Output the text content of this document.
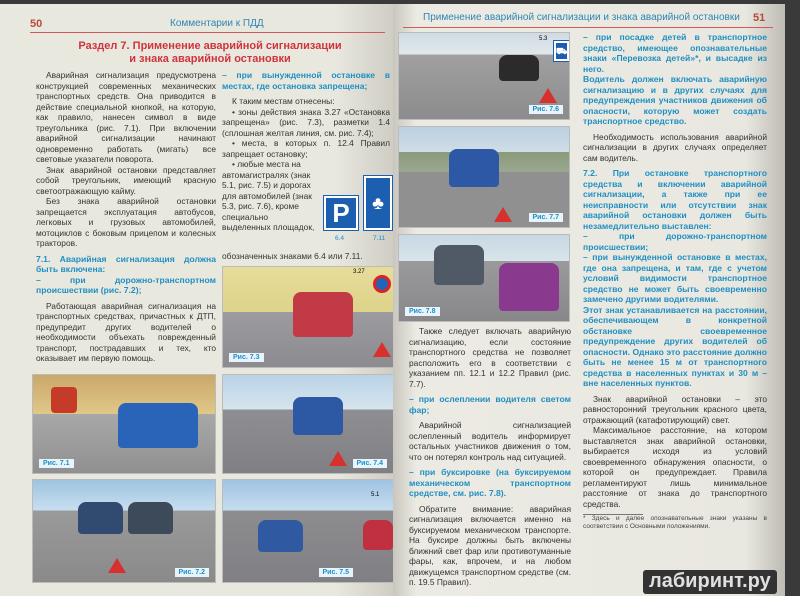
50	Комментарии к ПДД
Раздел 7. Применение аварийной сигнализации
и знака аварийной остановки

Аварийная сигнализация предусмотрена конструкцией современных механических транспортных средств. Она приводится в действие специальной кнопкой, на которую, как правило, нанесен символ в виде треугольника (рис. 7.1). При включении аварийной сигнализации начинают одновременно работать (мигать) все световые указатели поворота.

Знак аварийной остановки представляет собой треугольник, имеющий красную светоотражающую кайму.

Без знака аварийной остановки запрещается эксплуатация автобусов, легковых и грузовых автомобилей, мотоциклов с боковым прицепом и колесных тракторов.

7.1. Аварийная сигнализация должна быть включена:
– при дорожно-транспортном происшествии (рис. 7.2);

Работающая аварийная сигнализация на транспортных средствах, причастных к ДТП, предупредит других водителей о необходимости объехать поврежденный транспорт, пострадавших и тех, кто оказывает им первую помощь.

– при вынужденной остановке в местах, где остановка запрещена;

К таким местам отнесены:

• зоны действия знака 3.27 «Остановка запрещена» (рис. 7.3), разметки 1.4 (сплошная желтая линия, см. рис. 7.4);

• места, в которых п. 12.4 Правил запрещает остановку;

• любые места на автомагистралях (знак 5.1, рис. 7.5) и дорогах для автомобилей (знак 5.3, рис. 7.6), кроме специально выделенных площадок,

обозначенных знаками 6.4 или 7.11.
P	♣
6.4	7.11
3.27
Рис. 7.3
Рис. 7.1
Рис. 7.2
Рис. 7.4
5.1
Рис. 7.5
Применение аварийной сигнализации и знака аварийной остановки 51
⛟
5.3
Рис. 7.6
Рис. 7.7
Рис. 7.8

Также следует включать аварийную сигнализацию, если состояние транспортного средства не позволяет расположить его в соответствии с указанием пп. 12.1 и 12.2 Правил (рис. 7.7).

– при ослеплении водителя светом фар;

Аварийной сигнализацией ослепленный водитель информирует остальных участников движения о том, что он потерял контроль над ситуацией.

– при буксировке (на буксируемом механическом транспортном средстве, см. рис. 7.8).

Обратите внимание: аварийная сигнализация включается именно на буксируемом механическом транспорте. На буксире должны быть включены ближний свет фар или противотуманные фары, как, впрочем, и на любом движущемся транспортном средстве (см. п. 19.5 Правил).

– при посадке детей в транспортное средство, имеющее опознавательные знаки «Перевозка детей»*, и высадке из него.
Водитель должен включать аварийную сигнализацию и в других случаях для предупреждения участников движения об опасности, которую может создать транспортное средство.

Необходимость использования аварийной сигнализации в других случаях определяет сам водитель.

7.2. При остановке транспортного средства и включении аварийной сигнализации, а также при ее неисправности или отсутствии знак аварийной остановки должен быть незамедлительно выставлен:
– при дорожно-транспортном происшествии;
– при вынужденной остановке в местах, где она запрещена, и там, где с учетом условий видимости транспортное средство не может быть своевременно замечено другими водителями.
Этот знак устанавливается на расстоянии, обеспечивающем в конкретной обстановке своевременное предупреждение других водителей об опасности. Однако это расстояние должно быть не менее 15 м от транспортного средства в населенных пунктах и 30 м – вне населенных пунктов.

Знак аварийной остановки – это равносторонний треугольник красного цвета, отражающий (катафотирующий) свет.

Максимальное расстояние, на котором выставляется знак аварийной остановки, выбирается исходя из условий своевременного обнаружения опасности, о которой он предупреждает. Правила регламентируют лишь минимальное расстояние от знака до транспортного средства.

* Здесь и далее опознавательные знаки указаны в соответствии с Основными положениями.
лабиринт.ру
